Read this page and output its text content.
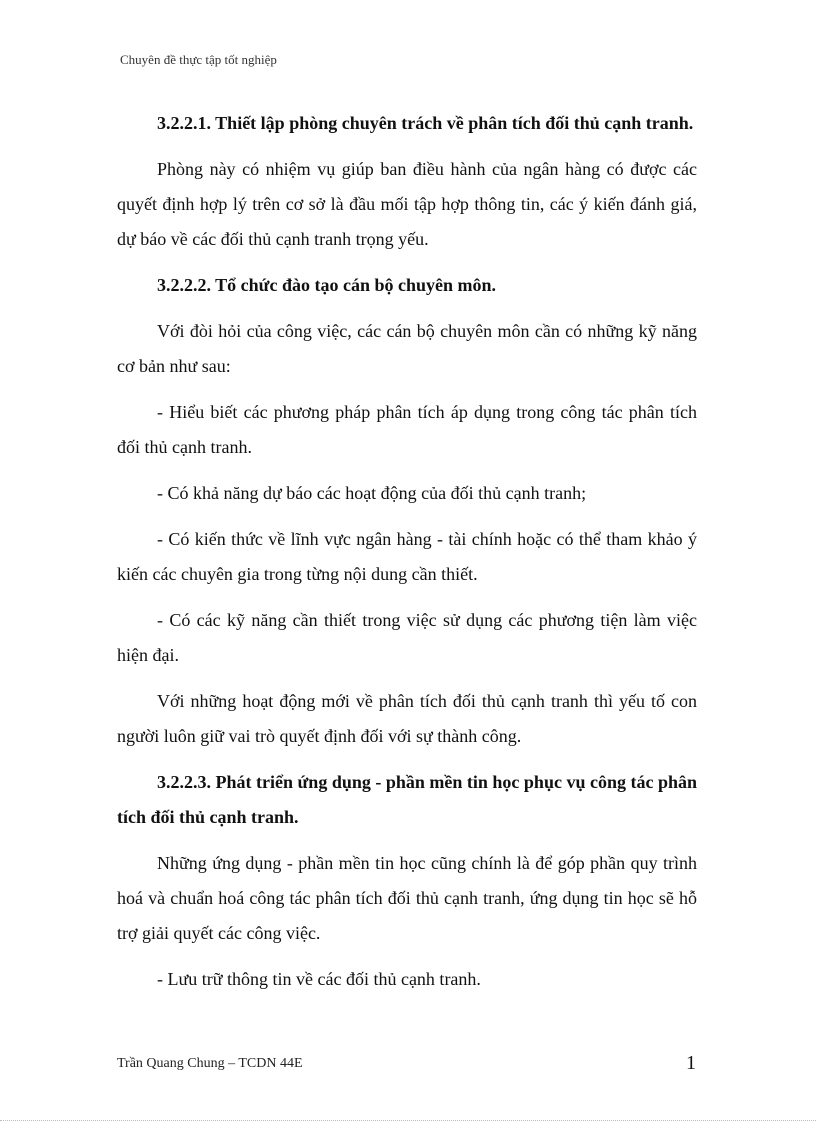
Chuyên đề thực tập tốt nghiệp

3.2.2.1. Thiết lập phòng chuyên trách về phân tích đối thủ cạnh tranh.

Phòng này có nhiệm vụ giúp ban điều hành của ngân hàng có được các quyết định hợp lý trên cơ sở là đầu mối tập hợp thông tin, các ý kiến đánh giá, dự báo về các đối thủ cạnh tranh trọng yếu.

3.2.2.2. Tổ chức đào tạo cán bộ chuyên môn.

Với đòi hỏi của công việc, các cán bộ chuyên môn cần có những kỹ năng cơ bản như sau:

- Hiểu biết các phương pháp phân tích áp dụng trong công tác phân tích đối thủ cạnh tranh.

- Có khả năng dự báo các hoạt động của đối thủ cạnh tranh;

- Có kiến thức về lĩnh vực ngân hàng - tài chính hoặc có thể tham khảo ý kiến các chuyên gia trong từng nội dung cần thiết.

- Có các kỹ năng cần thiết trong việc sử dụng các phương tiện làm việc hiện đại.

Với những hoạt động mới về phân tích đối thủ cạnh tranh thì yếu tố con người luôn giữ vai trò quyết định đối với sự thành công.

3.2.2.3. Phát triển ứng dụng - phần mền tin học phục vụ công tác phân tích đối thủ cạnh tranh.

Những ứng dụng - phần mền tin học cũng chính là để góp phần quy trình hoá và chuẩn hoá công tác phân tích đối thủ cạnh tranh, ứng dụng tin học sẽ hỗ trợ giải quyết các công việc.

- Lưu trữ thông tin về các đối thủ cạnh tranh.

Trần Quang Chung – TCDN 44E	1
